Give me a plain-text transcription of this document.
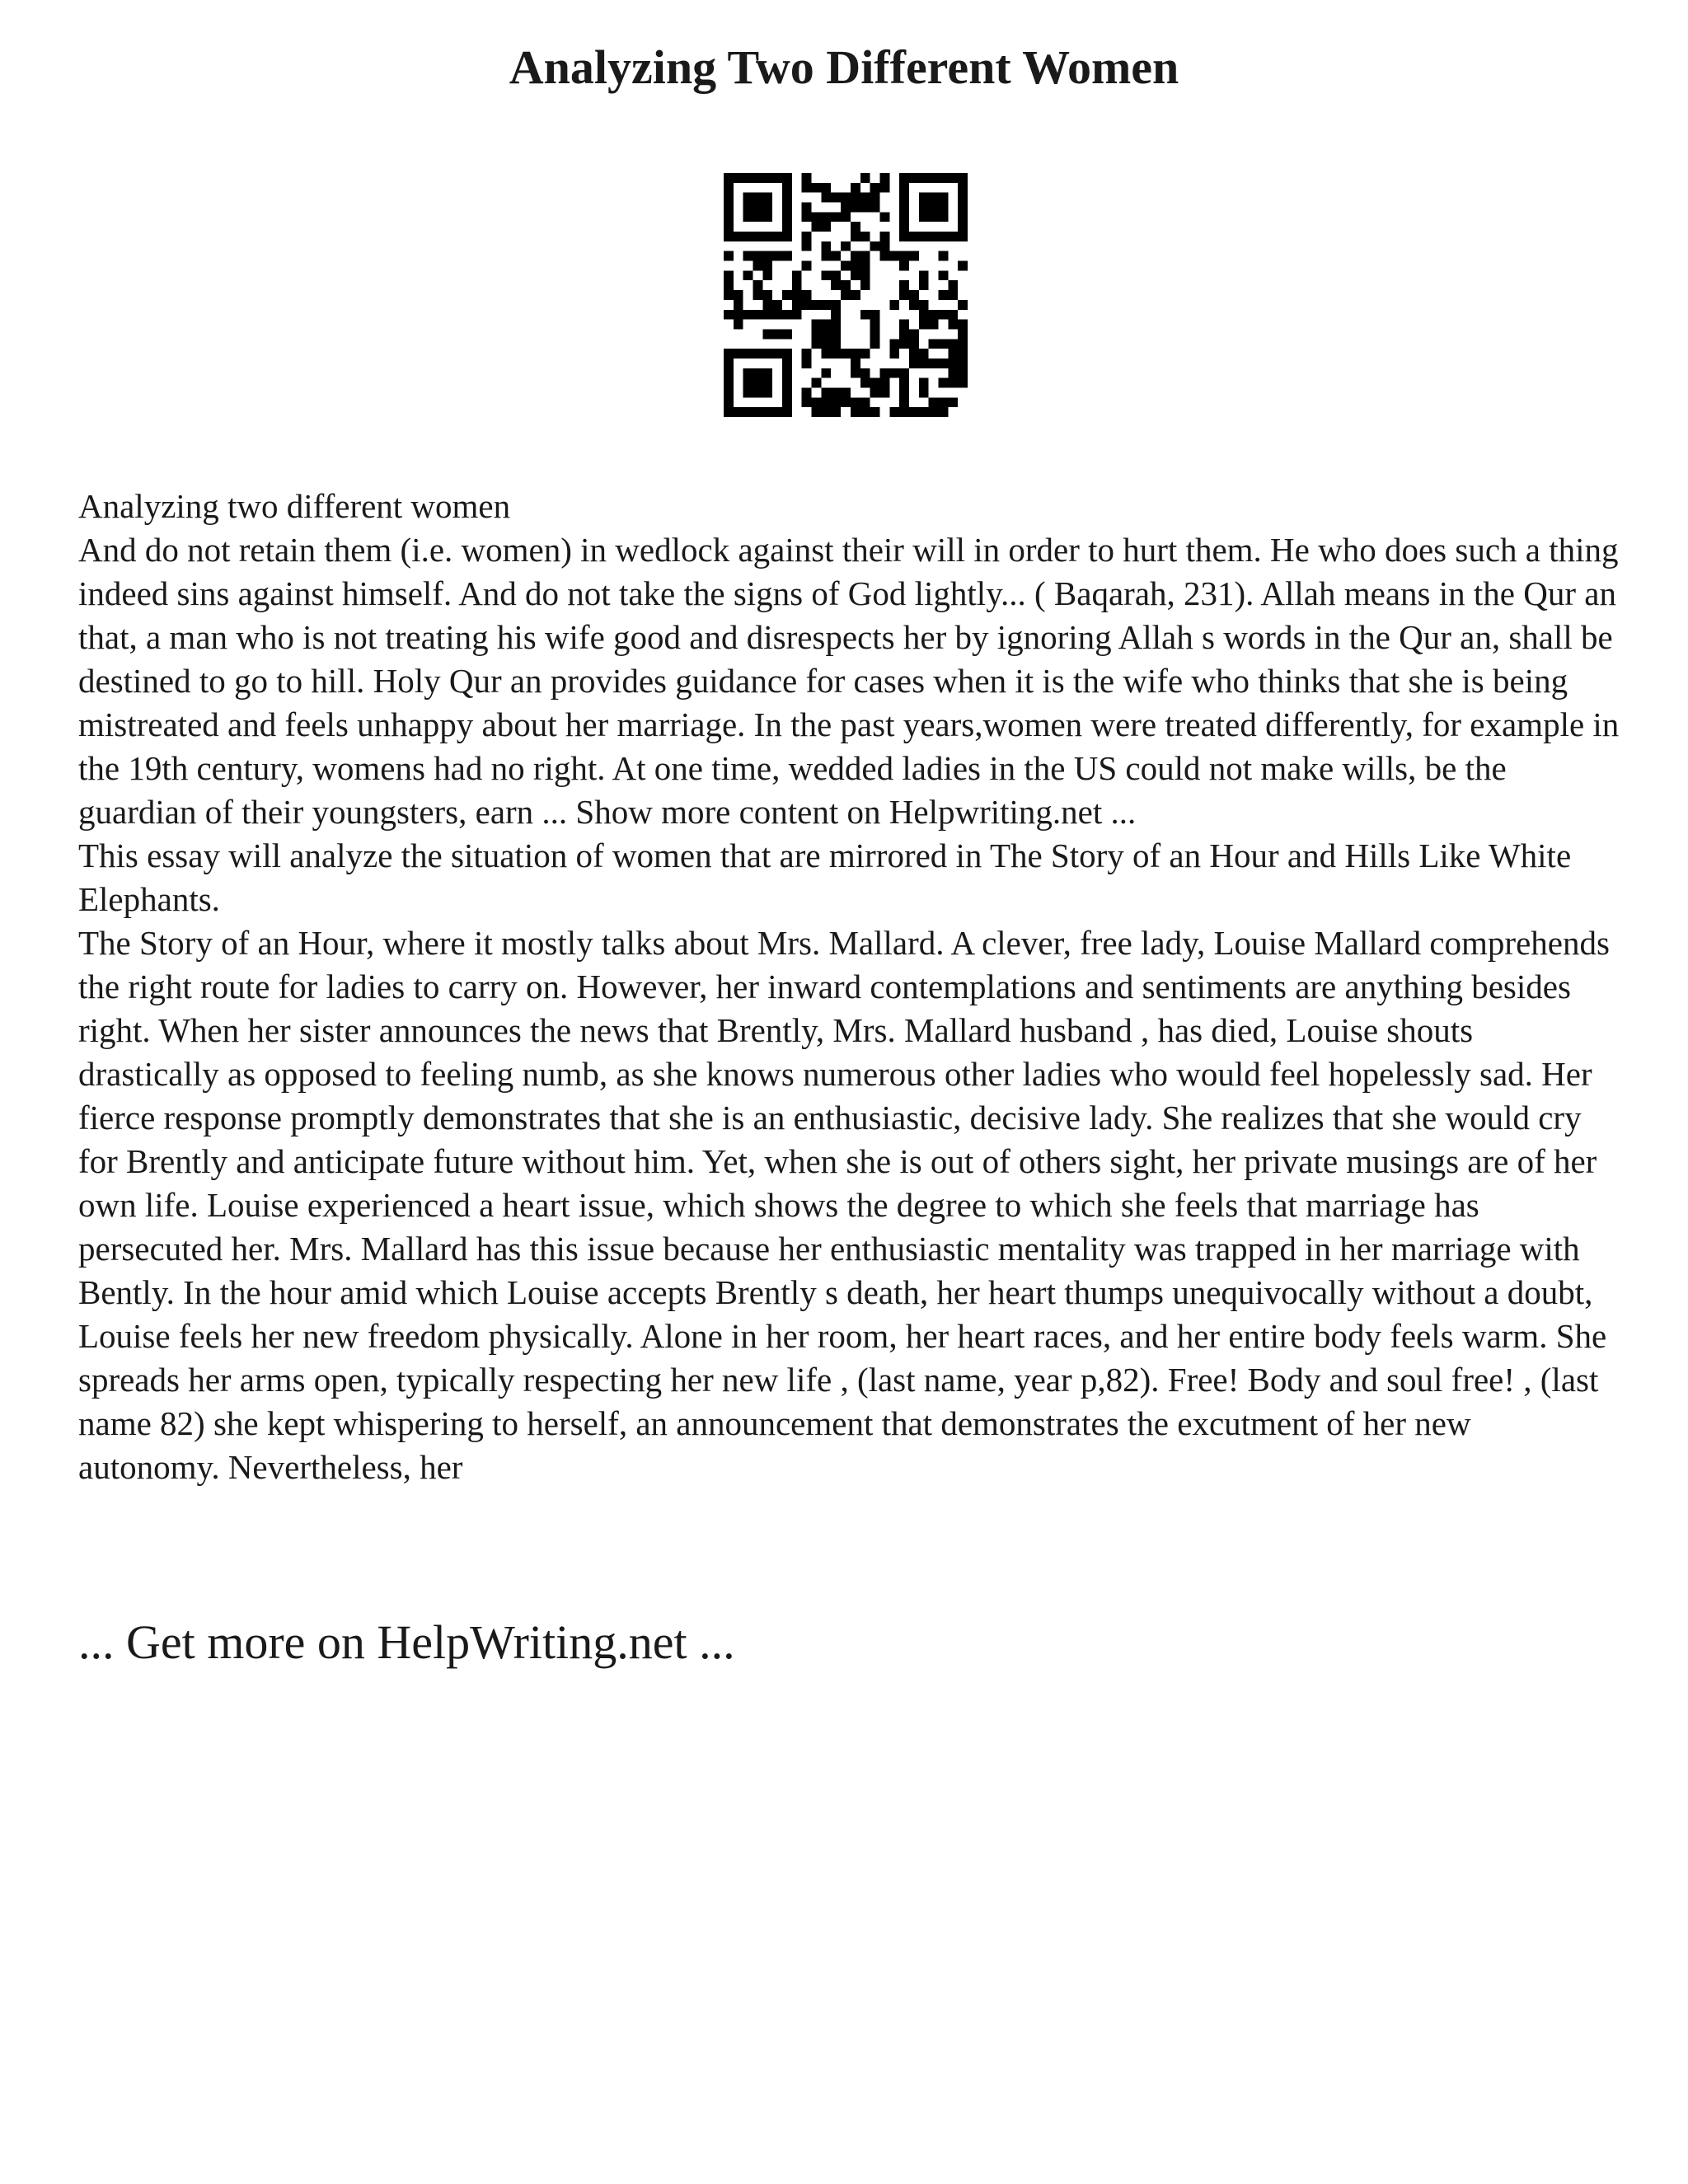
Analyzing Two Different Women

Analyzing two different women

And do not retain them (i.e. women) in wedlock against their will in order to hurt them. He who does such a thing indeed sins against himself. And do not take the signs of God lightly... ( Baqarah, 231). Allah means in the Qur an that, a man who is not treating his wife good and disrespects her by ignoring Allah s words in the Qur an, shall be destined to go to hill. Holy Qur an provides guidance for cases when it is the wife who thinks that she is being mistreated and feels unhappy about her marriage. In the past years,women were treated differently, for example in the 19th century, womens had no right. At one time, wedded ladies in the US could not make wills, be the guardian of their youngsters, earn ... Show more content on Helpwriting.net ...

This essay will analyze the situation of women that are mirrored in The Story of an Hour and Hills Like White Elephants.

The Story of an Hour, where it mostly talks about Mrs. Mallard. A clever, free lady, Louise Mallard comprehends the right route for ladies to carry on. However, her inward contemplations and sentiments are anything besides right. When her sister announces the news that Brently, Mrs. Mallard husband , has died, Louise shouts drastically as opposed to feeling numb, as she knows numerous other ladies who would feel hopelessly sad. Her fierce response promptly demonstrates that she is an enthusiastic, decisive lady. She realizes that she would cry for Brently and anticipate future without him. Yet, when she is out of others sight, her private musings are of her own life. Louise experienced a heart issue, which shows the degree to which she feels that marriage has persecuted her. Mrs. Mallard has this issue because her enthusiastic mentality was trapped in her marriage with Bently. In the hour amid which Louise accepts Brently s death, her heart thumps unequivocally without a doubt, Louise feels her new freedom physically. Alone in her room, her heart races, and her entire body feels warm. She spreads her arms open, typically respecting her new life , (last name, year p,82). Free! Body and soul free! , (last name 82) she kept whispering to herself, an announcement that demonstrates the excutment of her new autonomy. Nevertheless, her

... Get more on HelpWriting.net ...
